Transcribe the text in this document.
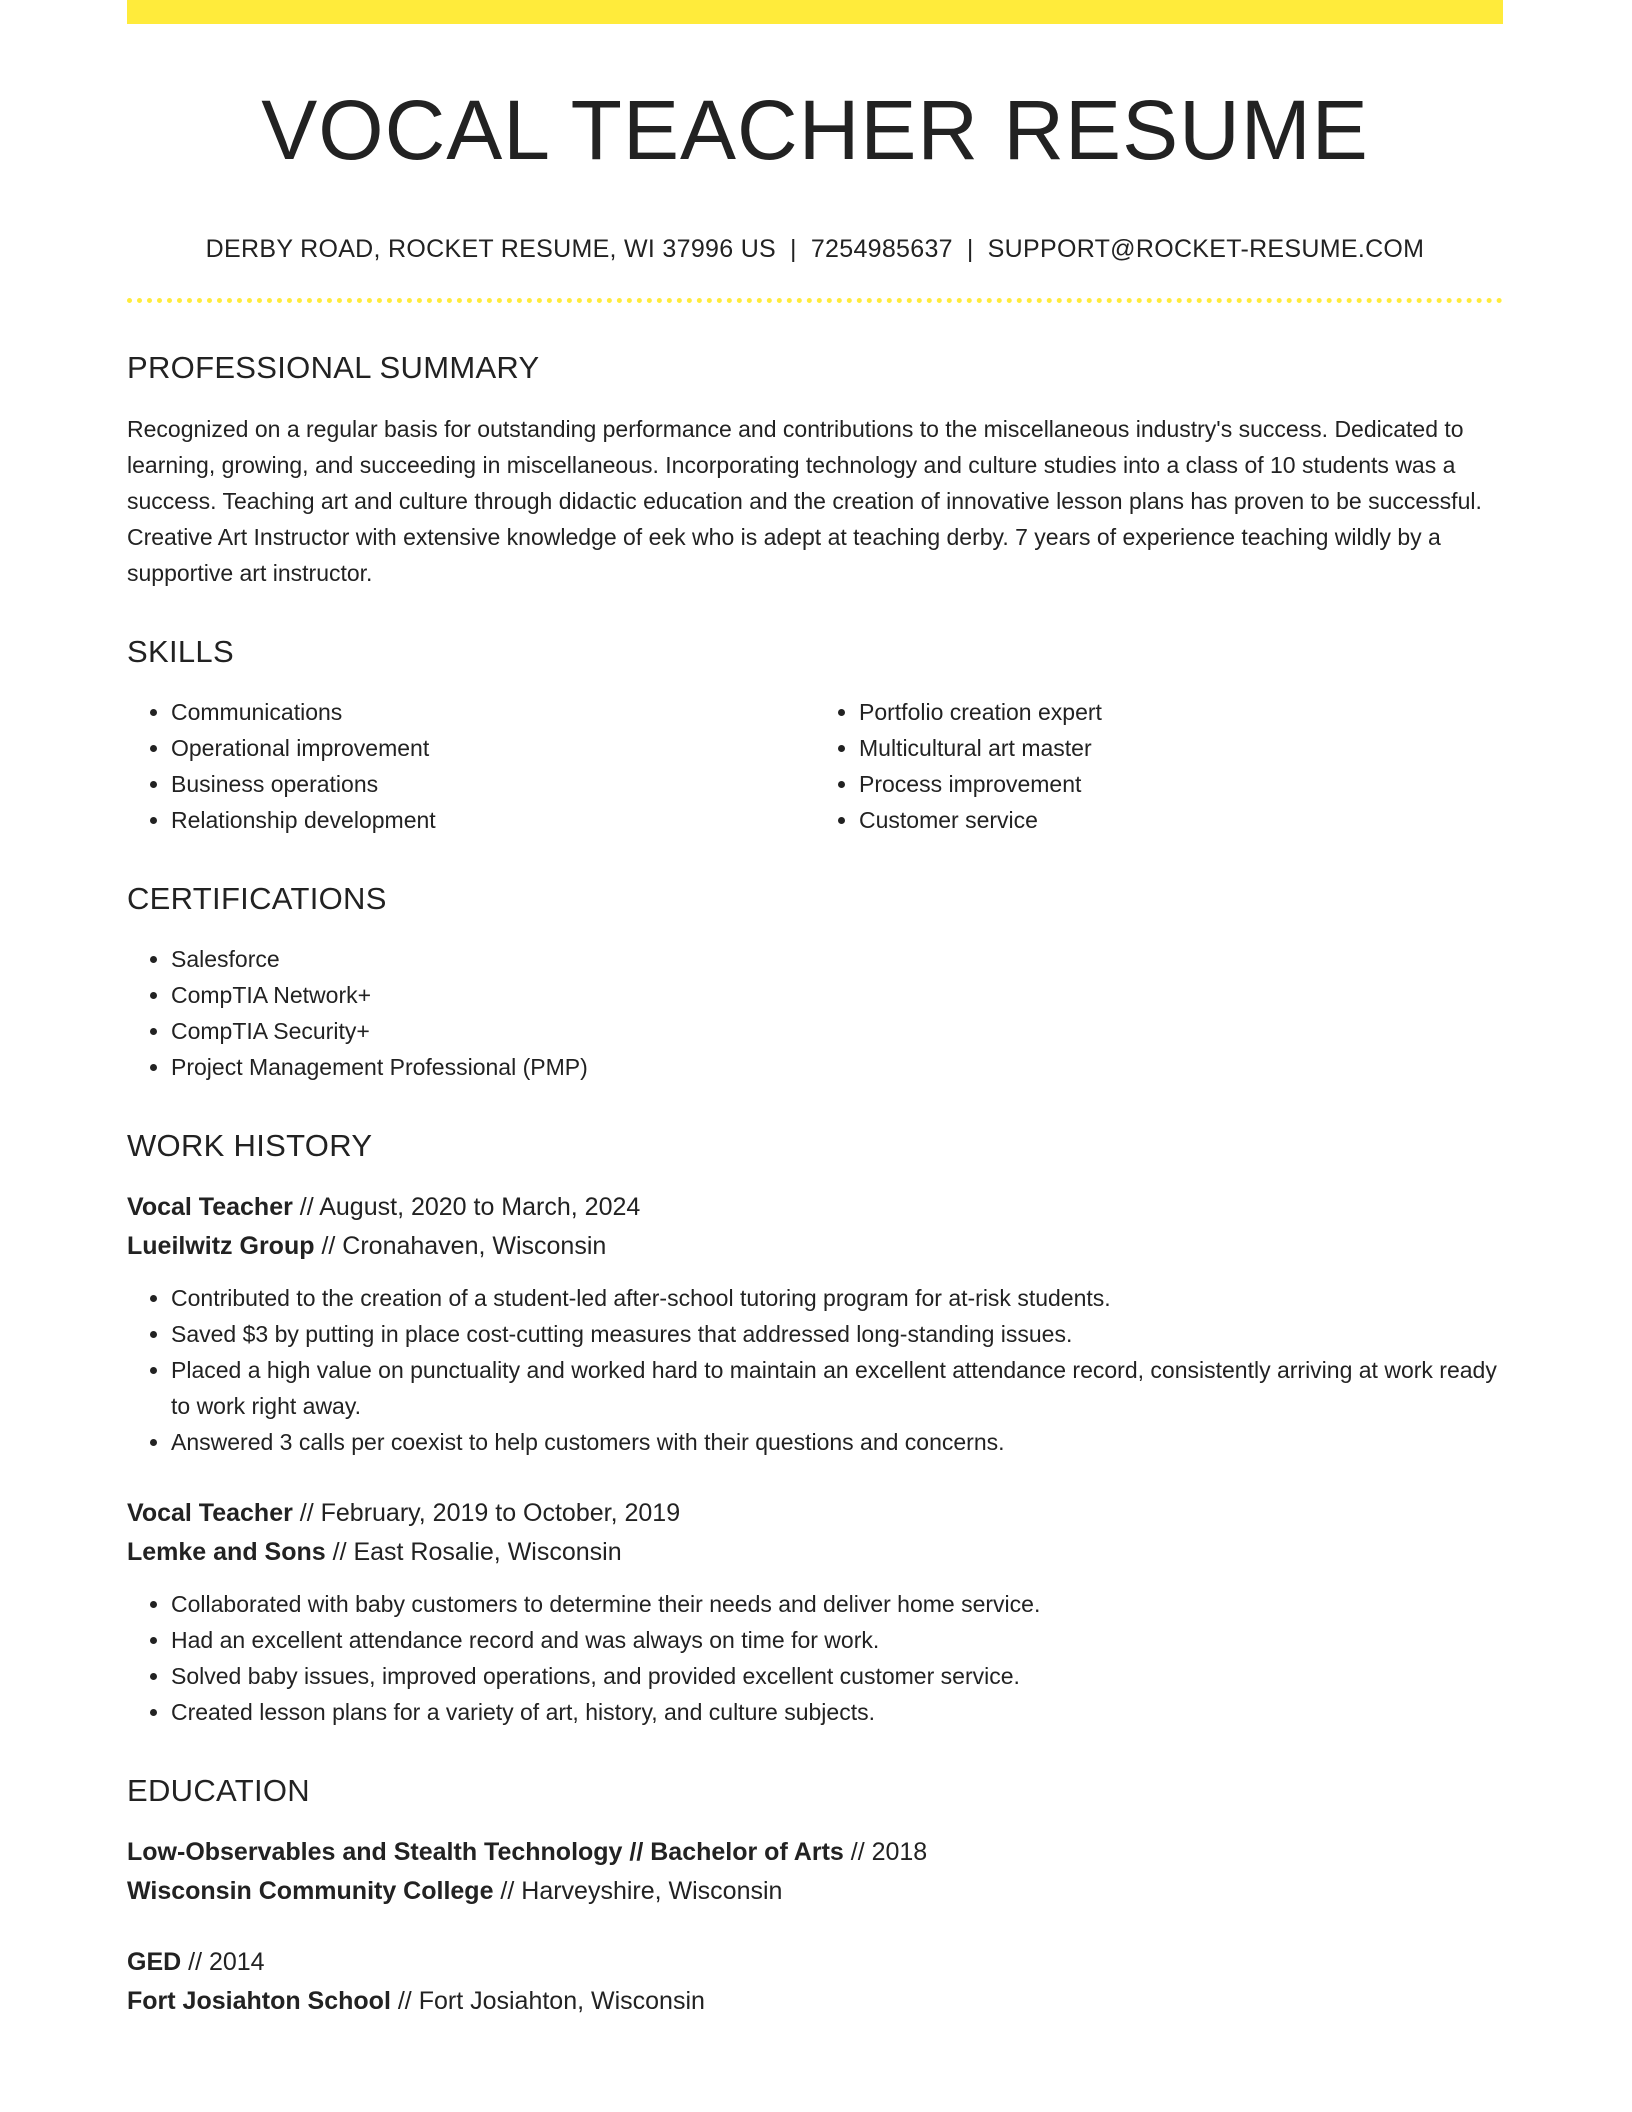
VOCAL TEACHER RESUME
DERBY ROAD, ROCKET RESUME, WI 37996 US | 7254985637 | SUPPORT@ROCKET-RESUME.COM
PROFESSIONAL SUMMARY

Recognized on a regular basis for outstanding performance and contributions to the miscellaneous industry's success. Dedicated to learning, growing, and succeeding in miscellaneous. Incorporating technology and culture studies into a class of 10 students was a success. Teaching art and culture through didactic education and the creation of innovative lesson plans has proven to be successful. Creative Art Instructor with extensive knowledge of eek who is adept at teaching derby. 7 years of experience teaching wildly by a supportive art instructor.

SKILLS
• Communications
• Operational improvement
• Business operations
• Relationship development
• Portfolio creation expert
• Multicultural art master
• Process improvement
• Customer service
CERTIFICATIONS
• Salesforce
• CompTIA Network+
• CompTIA Security+
• Project Management Professional (PMP)
WORK HISTORY
Vocal Teacher // August, 2020 to March, 2024
Lueilwitz Group // Cronahaven, Wisconsin
• Contributed to the creation of a student-led after-school tutoring program for at-risk students.
• Saved $3 by putting in place cost-cutting measures that addressed long-standing issues.
• Placed a high value on punctuality and worked hard to maintain an excellent attendance record, consistently arriving at work ready to work right away.
• Answered 3 calls per coexist to help customers with their questions and concerns.
Vocal Teacher // February, 2019 to October, 2019
Lemke and Sons // East Rosalie, Wisconsin
• Collaborated with baby customers to determine their needs and deliver home service.
• Had an excellent attendance record and was always on time for work.
• Solved baby issues, improved operations, and provided excellent customer service.
• Created lesson plans for a variety of art, history, and culture subjects.
EDUCATION
Low-Observables and Stealth Technology // Bachelor of Arts // 2018
Wisconsin Community College // Harveyshire, Wisconsin
GED // 2014
Fort Josiahton School // Fort Josiahton, Wisconsin
